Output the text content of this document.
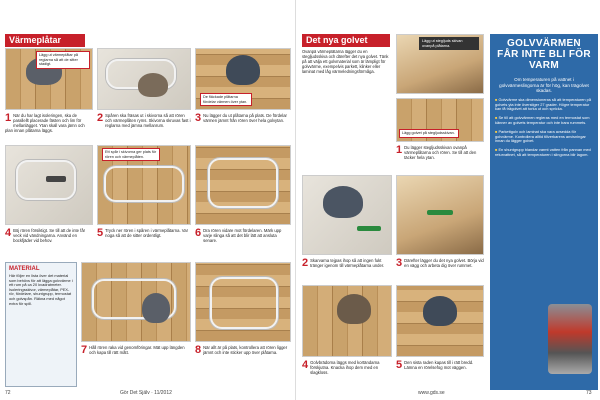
Värmeplåtar
Lägg ut värmeplåtar på reglarna så att de sitter stadigt.
De fläckade plåtarna fördelar värmen över ytan.
1 När du har lagt isoleringen, ska de parallellt placerade fästen och lim för mellanlägget. Ytan skall vara jämn och plan innan plåtarna läggs.
2 Spåren ska fräsas ut i skivorna så att rören och värmeplåten ryms. Skivorna skruvas fast i reglarna med jämna mellanrum.
3 Nu lägger du ut plåtarna på plats. De fördelar värmen jämnt från rören över hela golvytan.
Ett spår i skivorna ger plats för rören och värmeplåten.
4 Böj rören försiktigt. Se till att de inte får veck vid vändningarna. Använd en bockfjäder vid behov.
5 Tryck ner rören i spåren i värmeplåtarna. Var noga så att de sitter ordentligt.	6 Dra rören vidare mot fördelaren. Märk upp varje slinga så att det blir lätt att ansluta senare.
MATERIAL

Här följer en lista över det material som behövs för att lägga golvvärme i ett rum på ca 20 kvadratmeter. Isoleringsskivor, värmeplåtar, PEX-rör, fördelare, shuntgrupp, termostat och golvspån. Räkna med något extra för spill.

7 Håll rören raka vid genomföringar. Mät upp längden och kapa till rätt mått.	8 När allt är på plats, kontrollera att rören ligger jämnt och inte sticker upp över plåtarna.
72	Gör Det Själv · 11/2012
Det nya golvet
Ovanpå värmeplåtarna lägger du en stegljudsskiva och därefter det nya golvet. Tänk på att välja ett golvmaterial som är lämpligt för golvvärme, exempelvis parkett, klinker eller laminat med låg värmeledningsförmåga.
Lägg ut stegljuds skivan ovanpå plåtarna.
Lägg golvet på stegljudsskivan.
1 Du lägger stegljudsskivan ovanpå värmeplåtarna och rören. Se till att den täcker hela ytan.
2 Skarvarna tejpas ihop så att ingen fukt tränger igenom till värmeplåtarna under.	3 Därefter lägger du det nya golvet. Börja vid en vägg och arbeta dig över rummet.
4 Golvbrädorna läggs med kortändarna förskjutna. Knacka ihop dem med en slagkloss.
5 Den sista raden kapas till i rätt bredd. Lämna en rörelsefog mot väggen.
www.gds.se	73
GOLVVÄRMEN FÅR INTE BLI FÖR VARM
Om temperaturen på vattnet i golvvärmeslingorna är för hög, kan trägolvet skadas.

■ Golvvärme ska dimensioneras så att temperaturen på golvets yta inte överstiger 27 grader. Högre temperatur kan få trägolvet att torka ut och spricka.

■ Se till att golvvärmen regleras med en termostat som känner av golvets temperatur och inte bara rummets.

■ Parkettgolv och laminat ska vara avsedda för golvvärme. Kontrollera alltid tillverkarens anvisningar innan du lägger golvet.

■ En shuntgrupp blandar varmt vatten från pannan med returvattnet, så att temperaturen i slingorna blir lagom.
